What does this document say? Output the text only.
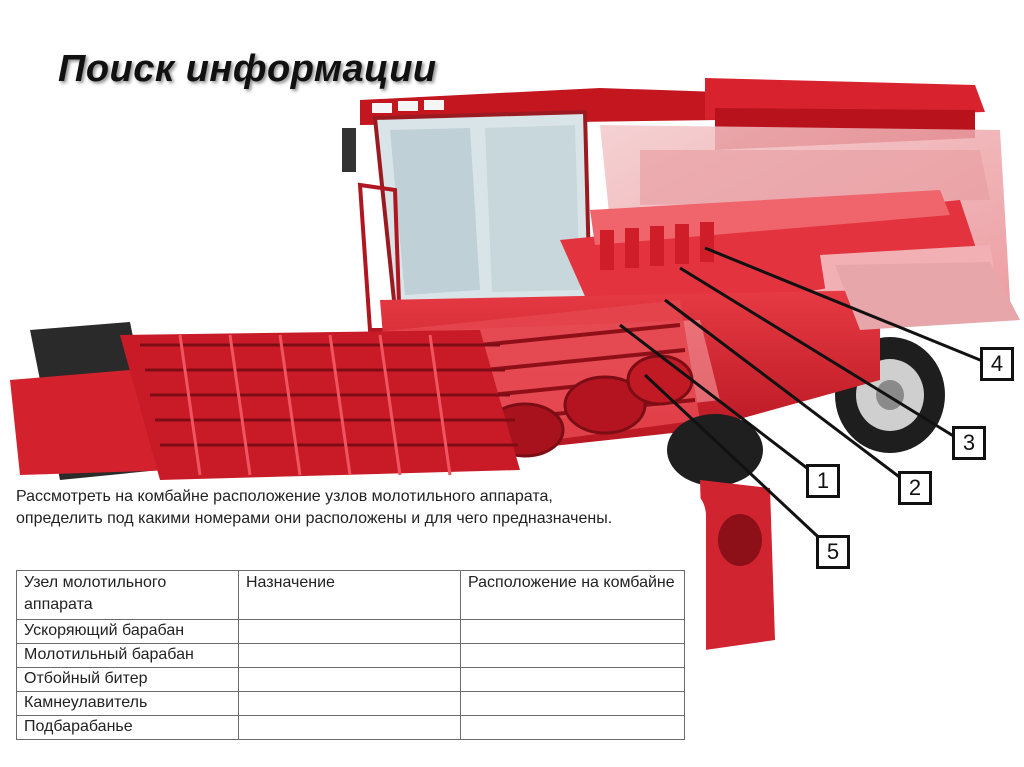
Поиск информации
1	2
3
4
5

Рассмотреть на комбайне расположение узлов молотильного аппарата, определить под какими номерами они расположены и для чего предназначены.

Узел молотильного аппарата	Назначение	Расположение на комбайне
Ускоряющий барабан		
Молотильный барабан		
Отбойный битер		
Камнеулавитель		
Подбарабанье		
